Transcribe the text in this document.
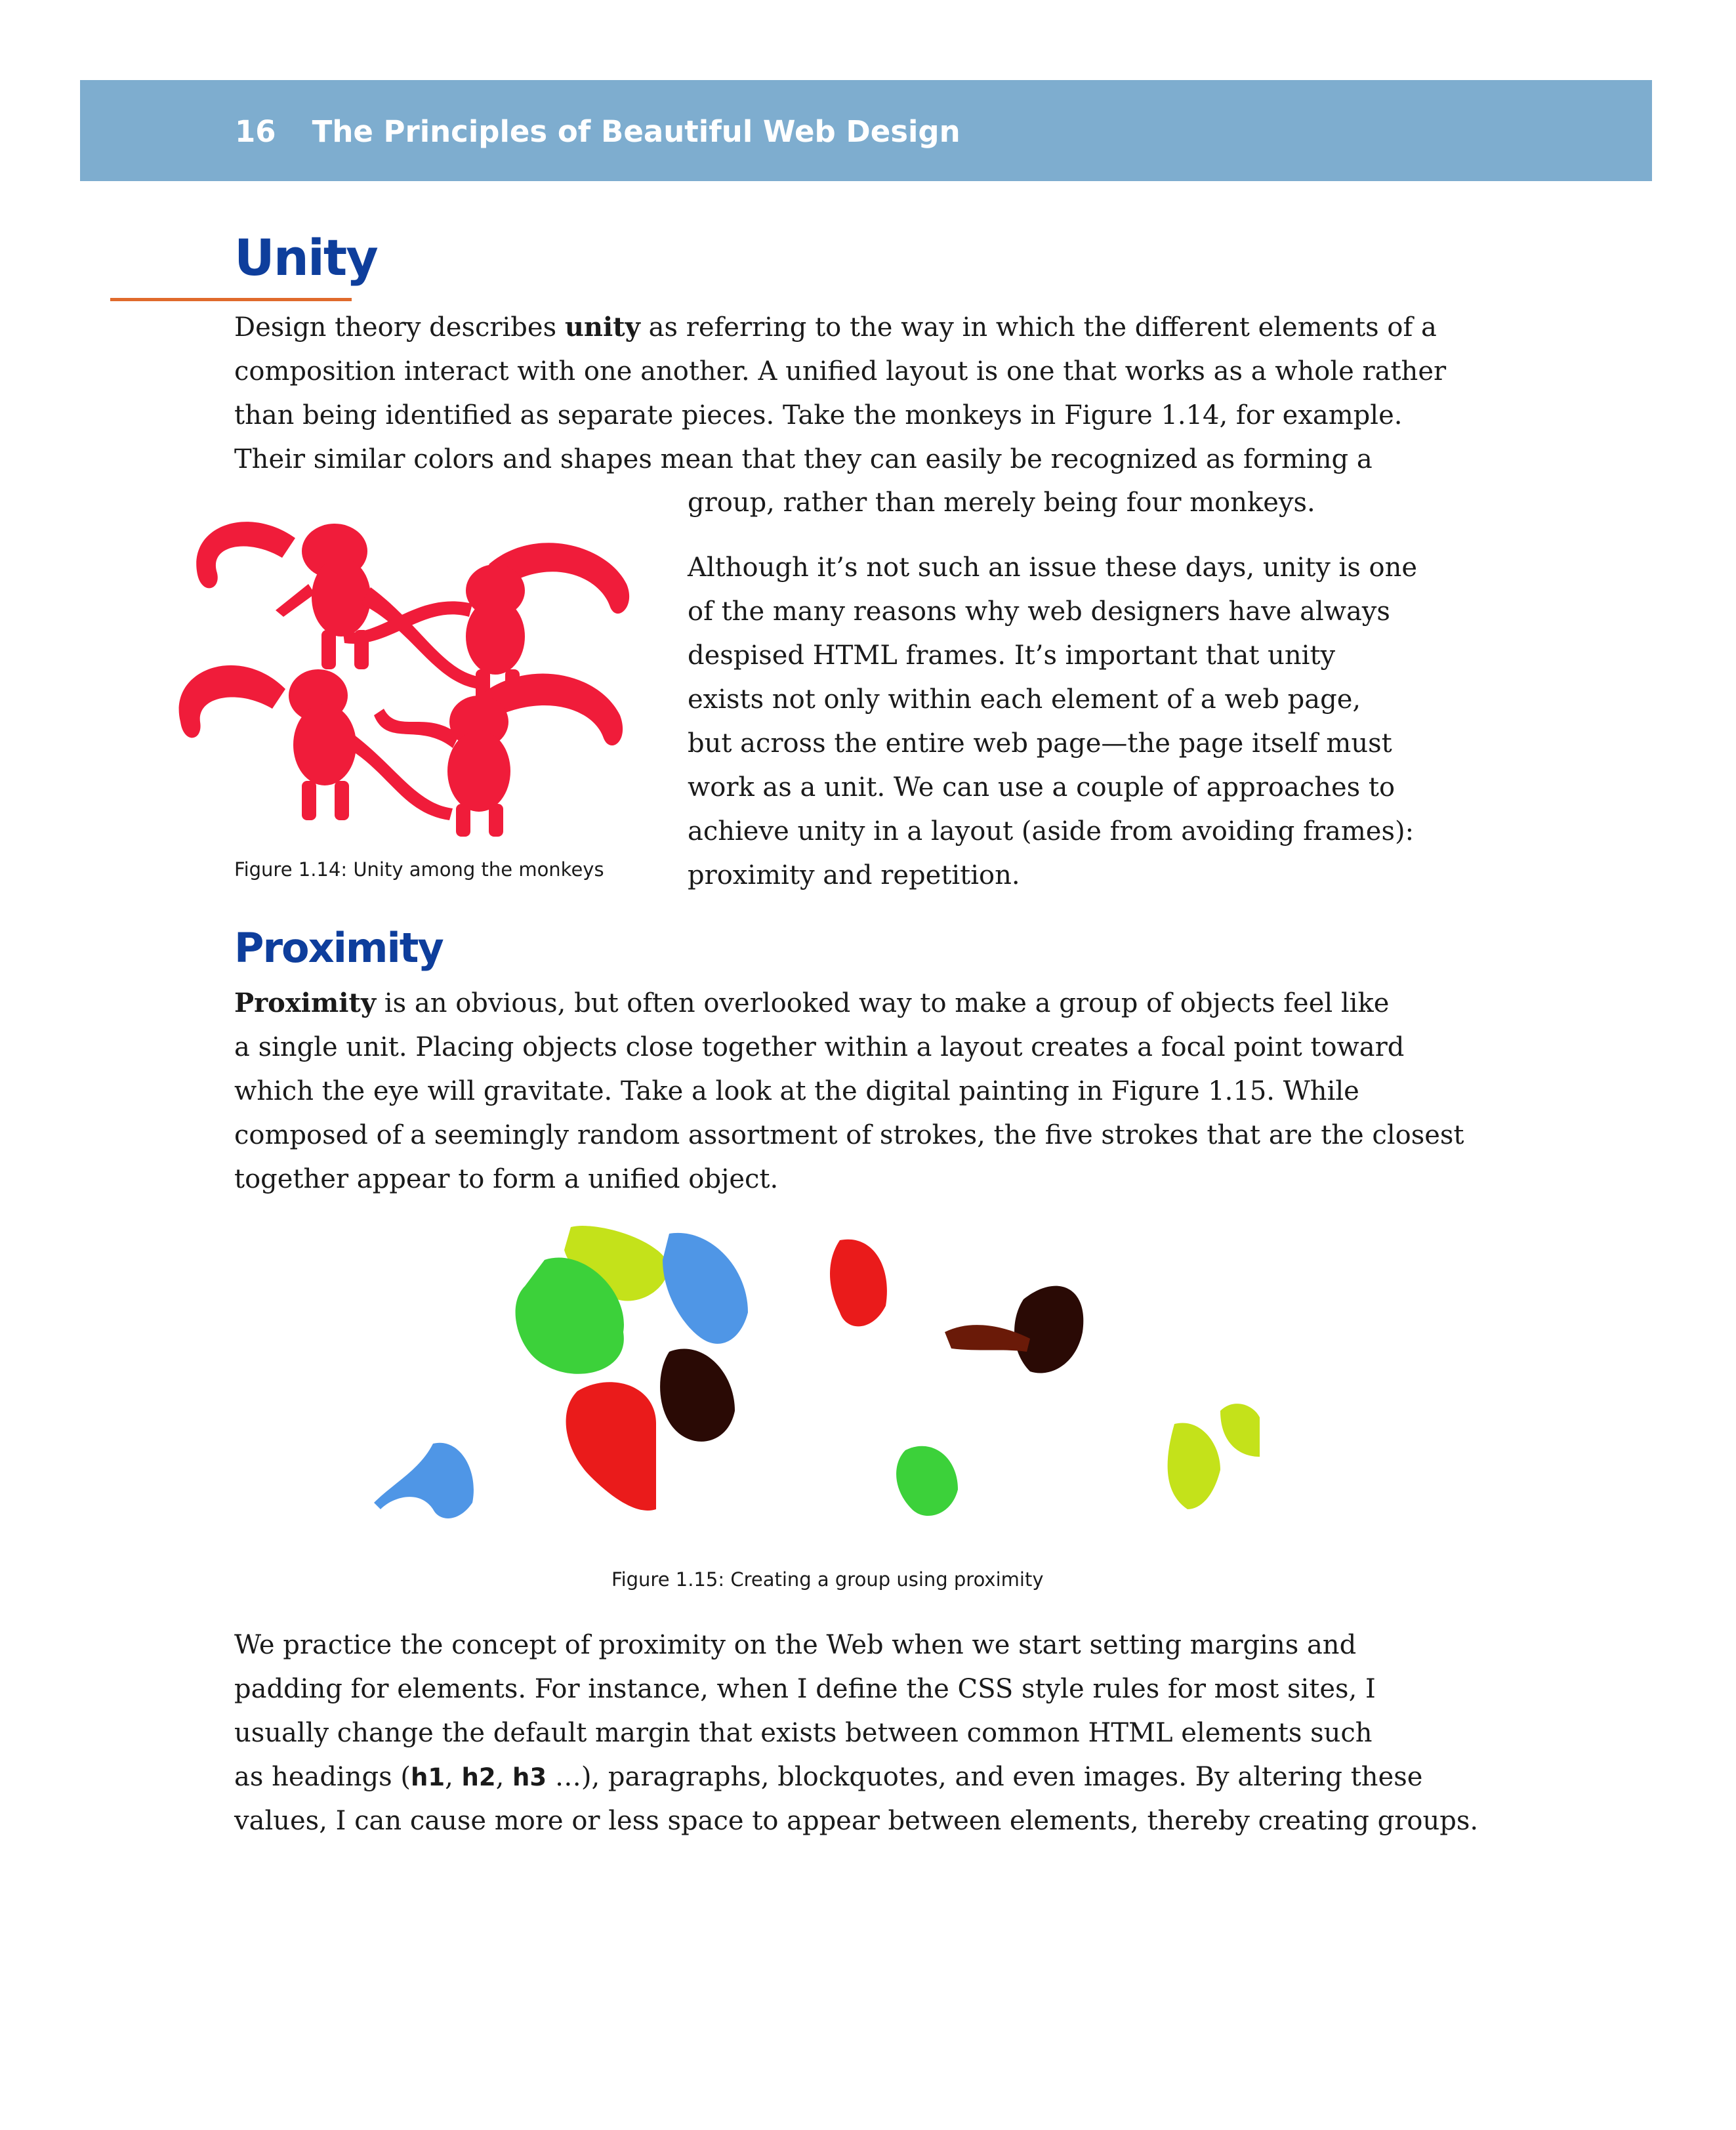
16 The Principles of Beautiful Web Design
Unity
Design theory describes unity as referring to the way in which the different elements of a
composition interact with one another. A unified layout is one that works as a whole rather
than being identified as separate pieces. Take the monkeys in Figure 1.14, for example.
Their similar colors and shapes mean that they can easily be recognized as forming a
group, rather than merely being four monkeys.
Figure 1.14: Unity among the monkeys
Although it’s not such an issue these days, unity is one
of the many reasons why web designers have always
despised HTML frames. It’s important that unity
exists not only within each element of a web page,
but across the entire web page—the page itself must
work as a unit. We can use a couple of approaches to
achieve unity in a layout (aside from avoiding frames):
proximity and repetition.
Proximity
Proximity is an obvious, but often overlooked way to make a group of objects feel like
a single unit. Placing objects close together within a layout creates a focal point toward
which the eye will gravitate. Take a look at the digital painting in Figure 1.15. While
composed of a seemingly random assortment of strokes, the five strokes that are the closest
together appear to form a unified object.
Figure 1.15: Creating a group using proximity
We practice the concept of proximity on the Web when we start setting margins and
padding for elements. For instance, when I define the CSS style rules for most sites, I
usually change the default margin that exists between common HTML elements such
as headings (h1, h2, h3 …), paragraphs, blockquotes, and even images. By altering these
values, I can cause more or less space to appear between elements, thereby creating groups.
